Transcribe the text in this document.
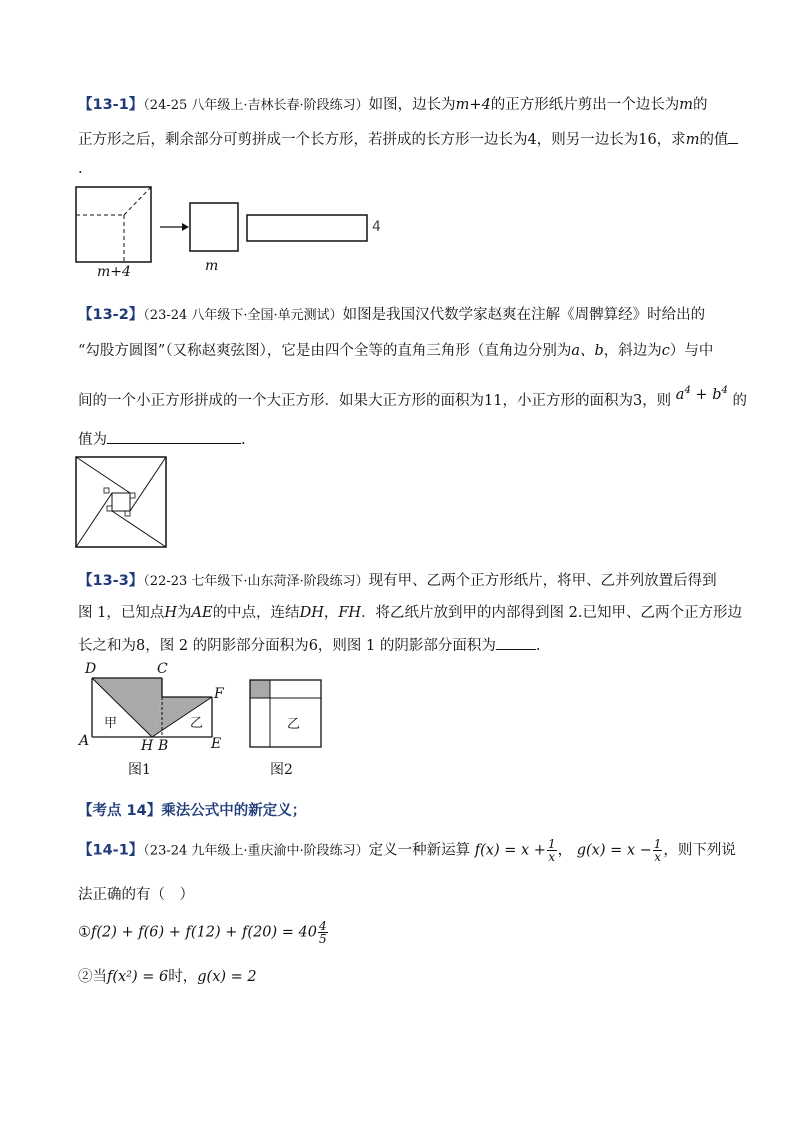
【13-1】（24-25 八年级上·吉林长春·阶段练习）如图，边长为m+4的正方形纸片剪出一个边长为m的
正方形之后，剩余部分可剪拼成一个长方形，若拼成的长方形一边长为4，则另一边长为16，求m的值
.
m+4	m
4
【13-2】（23-24 八年级下·全国·单元测试）如图是我国汉代数学家赵爽在注解《周髀算经》时给出的
“勾股方圆图”（又称赵爽弦图），它是由四个全等的直角三角形（直角边分别为a、b，斜边为c）与中
间的一个小正方形拼成的一个大正方形．如果大正方形的面积为11，小正方形的面积为3，则 $a^4 + b^4$ 的
值为	.
【13-3】（22-23 七年级下·山东菏泽·阶段练习）现有甲、乙两个正方形纸片，将甲、乙并列放置后得到
图 1，已知点H为AE的中点，连结DH，FH．将乙纸片放到甲的内部得到图 2.已知甲、乙两个正方形边
长之和为8，图 2 的阴影部分面积为6，则图 1 的阴影部分面积为	.
D	C
F
A	H B	E
甲	乙
图1
乙
图2
【考点 14】乘法公式中的新定义；
【14-1】（23-24 九年级上·重庆渝中·阶段练习）定义一种新运算 $f(x) = x + \frac{1}{x}$ ， $g(x) = x - \frac{1}{x}$ ，则下列说
法正确的有（　）
①f(2) + $f(6) + f(12) + f(20) = 40 \frac{4}{5}$
②当f(x²) = 6时，g(x) = 2
